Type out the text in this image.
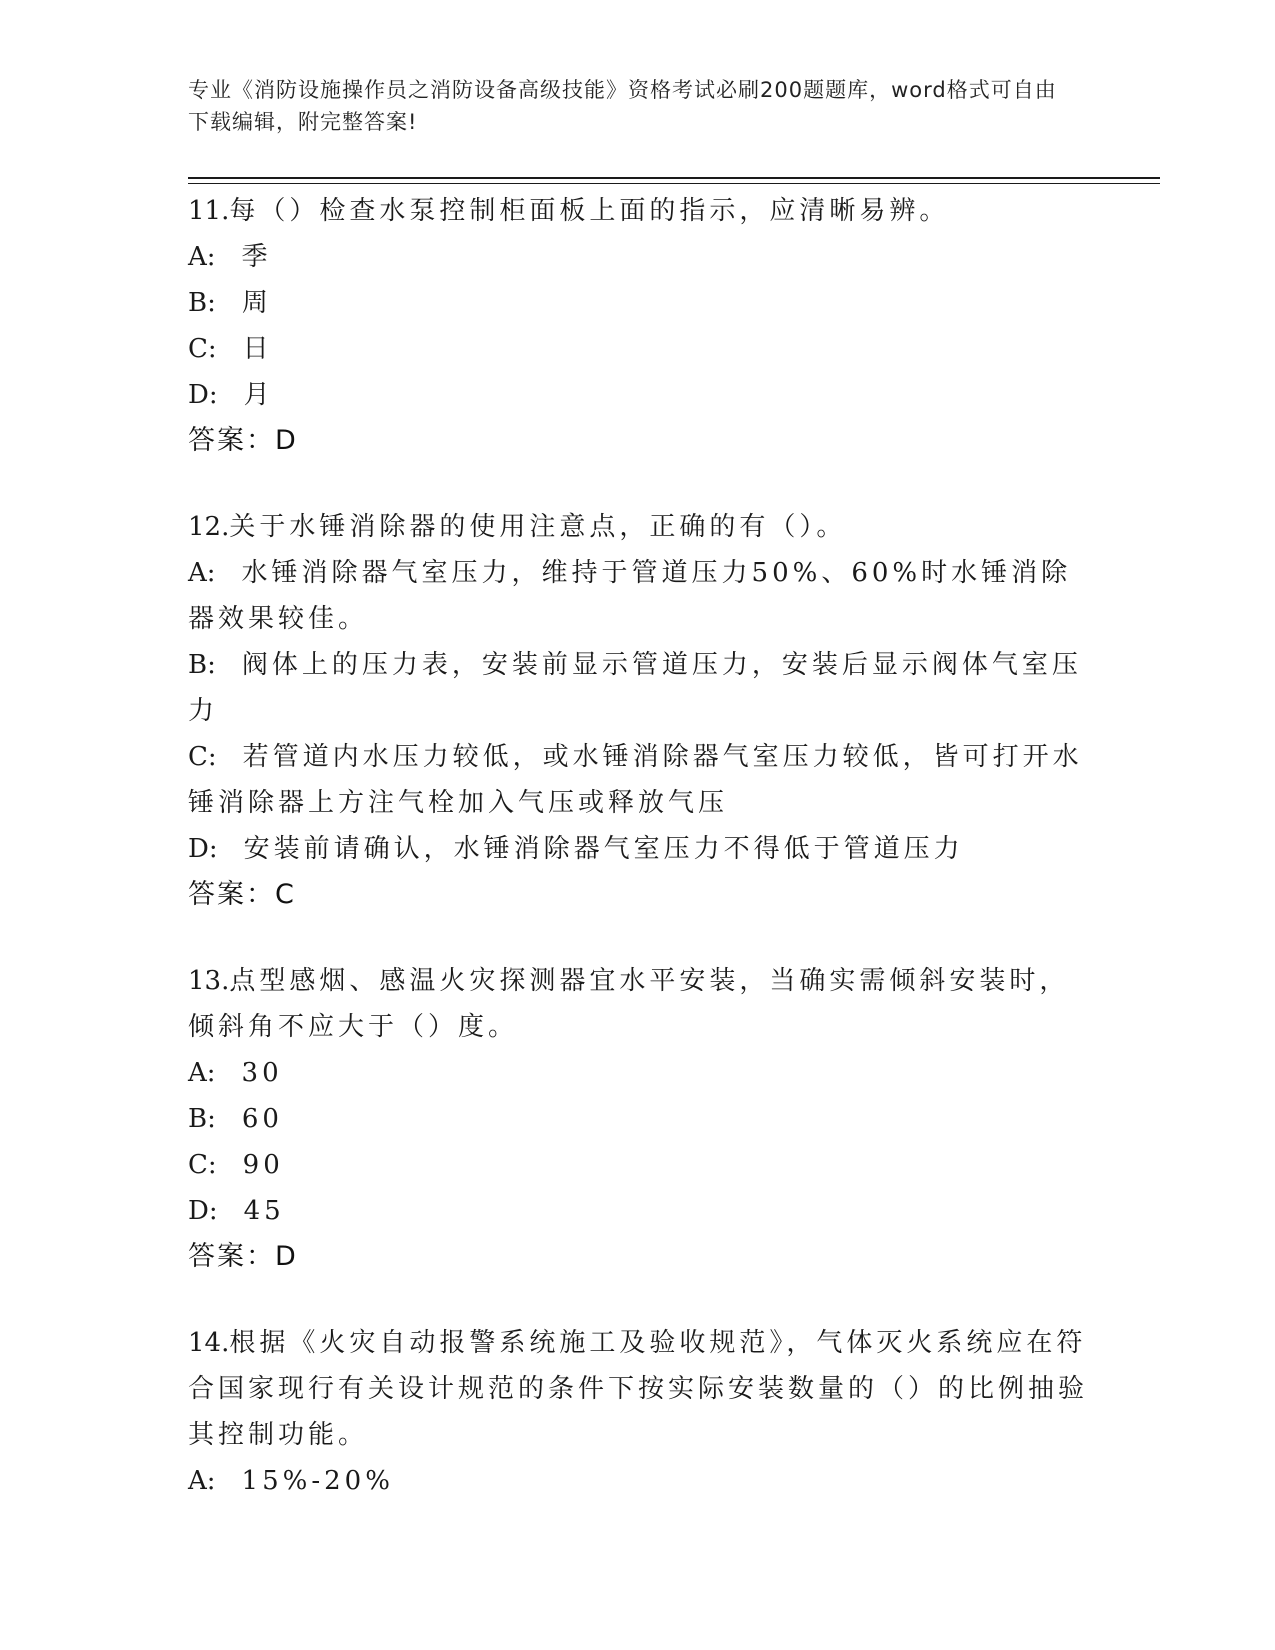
专业《消防设施操作员之消防设备高级技能》资格考试必刷200题题库，word格式可自由下载编辑，附完整答案!
11.每（）检查水泵控制柜面板上面的指示，应清晰易辨。
A: 季
B: 周
C: 日
D: 月
答案：D
12.关于水锤消除器的使用注意点，正确的有（）。
A: 水锤消除器气室压力，维持于管道压力50%、60%时水锤消除器效果较佳。
B: 阀体上的压力表，安装前显示管道压力，安装后显示阀体气室压力
C: 若管道内水压力较低，或水锤消除器气室压力较低，皆可打开水锤消除器上方注气栓加入气压或释放气压
D: 安装前请确认，水锤消除器气室压力不得低于管道压力
答案：C
13.点型感烟、感温火灾探测器宜水平安装，当确实需倾斜安装时，倾斜角不应大于（）度。
A: 30
B: 60
C: 90
D: 45
答案：D
14.根据《火灾自动报警系统施工及验收规范》，气体灭火系统应在符合国家现行有关设计规范的条件下按实际安装数量的（）的比例抽验其控制功能。
A: 15%-20%
